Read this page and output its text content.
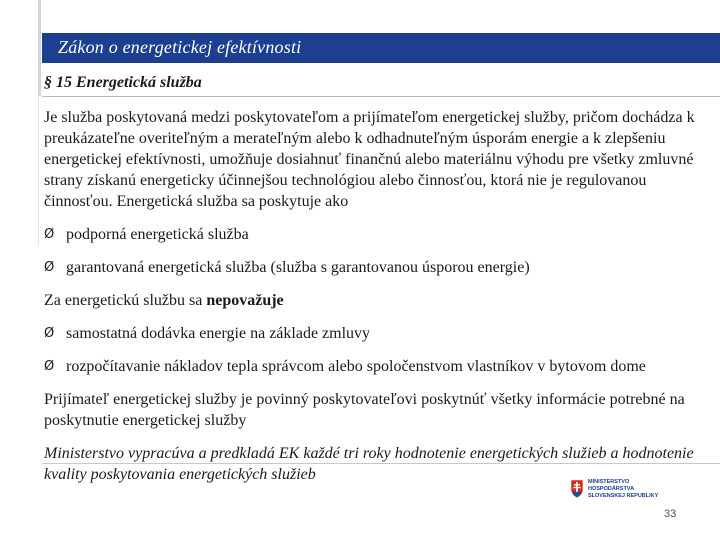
Zákon o energetickej efektívnosti
§ 15 Energetická služba

Je služba poskytovaná medzi poskytovateľom a prijímateľom energetickej služby, pričom dochádza k preukázateľne overiteľným a merateľným alebo k odhadnuteľným úsporám energie a k zlepšeniu energetickej efektívnosti, umožňuje dosiahnuť finančnú alebo materiálnu výhodu pre všetky zmluvné strany získanú energeticky účinnejšou technológiou alebo činnosťou, ktorá nie je regulovanou činnosťou. Energetická služba sa poskytuje ako

Ø podporná energetická služba
Ø garantovaná energetická služba (služba s garantovanou úsporou energie)

Za energetickú službu sa nepovažuje

Ø samostatná dodávka energie na základe zmluvy
Ø rozpočítavanie nákladov tepla správcom alebo spoločenstvom vlastníkov v bytovom dome

Prijímateľ energetickej služby je povinný poskytovateľovi poskytnúť všetky informácie potrebné na poskytnutie energetickej služby

Ministerstvo vypracúva a predkladá EK každé tri roky hodnotenie energetických služieb a hodnotenie kvality poskytovania energetických služieb	MINISTERSTVO
HOSPODÁRSTVA
SLOVENSKEJ REPUBLIKY
33
